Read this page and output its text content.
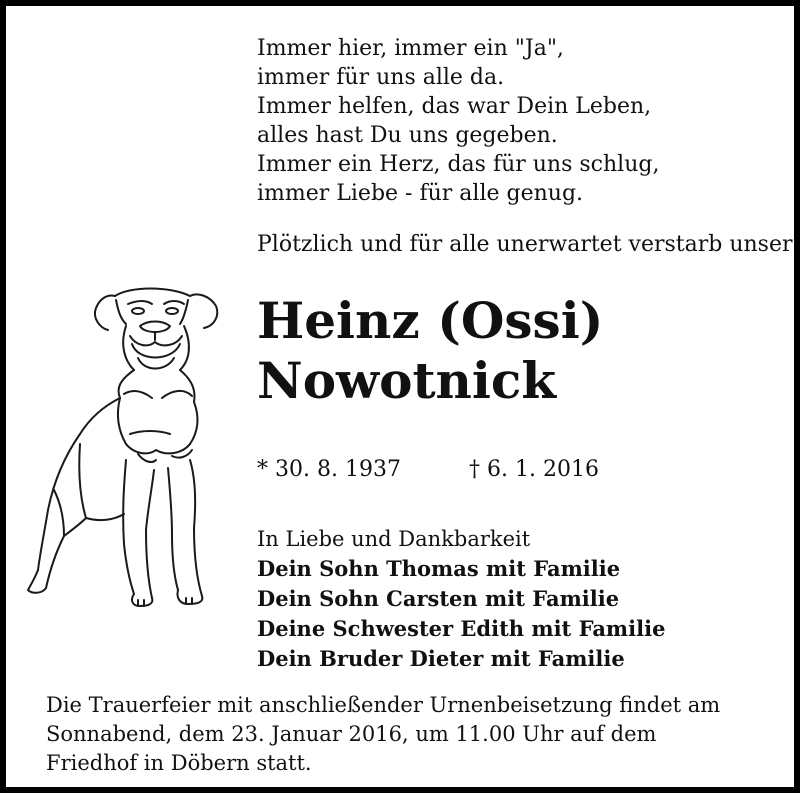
Immer hier, immer ein "Ja",
immer für uns alle da.
Immer helfen, das war Dein Leben,
alles hast Du uns gegeben.
Immer ein Herz, das für uns schlug,
immer Liebe - für alle genug.
Plötzlich und für alle unerwartet verstarb unser
Heinz (Ossi)
Nowotnick
* 30. 8. 1937	† 6. 1. 2016
In Liebe und Dankbarkeit
Dein Sohn Thomas mit Familie
Dein Sohn Carsten mit Familie
Deine Schwester Edith mit Familie
Dein Bruder Dieter mit Familie
Die Trauerfeier mit anschließender Urnenbeisetzung findet am
Sonnabend, dem 23. Januar 2016, um 11.00 Uhr auf dem
Friedhof in Döbern statt.
